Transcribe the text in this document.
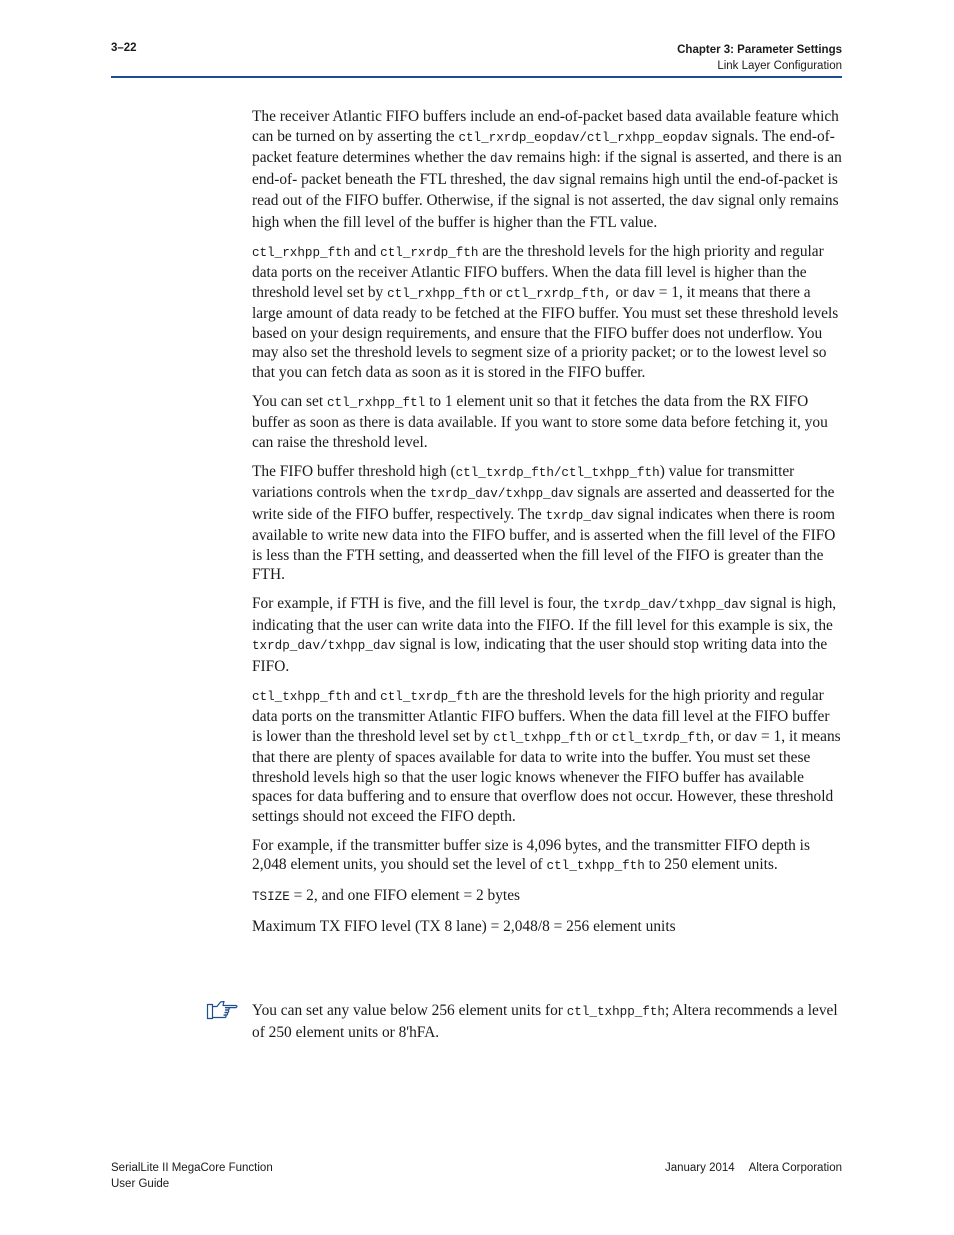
3–22	Chapter 3: Parameter Settings
Link Layer Configuration

The receiver Atlantic FIFO buffers include an end-of-packet based data available feature which can be turned on by asserting the ctl_rxrdp_eopdav/ctl_rxhpp_eopdav signals. The end-of-packet feature determines whether the dav remains high: if the signal is asserted, and there is an end-of- packet beneath the FTL threshed, the dav signal remains high until the end-of-packet is read out of the FIFO buffer. Otherwise, if the signal is not asserted, the dav signal only remains high when the fill level of the buffer is higher than the FTL value.

ctl_rxhpp_fth and ctl_rxrdp_fth are the threshold levels for the high priority and regular data ports on the receiver Atlantic FIFO buffers. When the data fill level is higher than the threshold level set by ctl_rxhpp_fth or ctl_rxrdp_fth, or dav = 1, it means that there a large amount of data ready to be fetched at the FIFO buffer. You must set these threshold levels based on your design requirements, and ensure that the FIFO buffer does not underflow. You may also set the threshold levels to segment size of a priority packet; or to the lowest level so that you can fetch data as soon as it is stored in the FIFO buffer.

You can set ctl_rxhpp_ftl to 1 element unit so that it fetches the data from the RX FIFO buffer as soon as there is data available. If you want to store some data before fetching it, you can raise the threshold level.

The FIFO buffer threshold high (ctl_txrdp_fth/ctl_txhpp_fth) value for transmitter variations controls when the txrdp_dav/txhpp_dav signals are asserted and deasserted for the write side of the FIFO buffer, respectively. The txrdp_dav signal indicates when there is room available to write new data into the FIFO buffer, and is asserted when the fill level of the FIFO is less than the FTH setting, and deasserted when the fill level of the FIFO is greater than the FTH.

For example, if FTH is five, and the fill level is four, the txrdp_dav/txhpp_dav signal is high, indicating that the user can write data into the FIFO. If the fill level for this example is six, the txrdp_dav/txhpp_dav signal is low, indicating that the user should stop writing data into the FIFO.

ctl_txhpp_fth and ctl_txrdp_fth are the threshold levels for the high priority and regular data ports on the transmitter Atlantic FIFO buffers. When the data fill level at the FIFO buffer is lower than the threshold level set by ctl_txhpp_fth or ctl_txrdp_fth, or dav = 1, it means that there are plenty of spaces available for data to write into the buffer. You must set these threshold levels high so that the user logic knows whenever the FIFO buffer has available spaces for data buffering and to ensure that overflow does not occur. However, these threshold settings should not exceed the FIFO depth.

For example, if the transmitter buffer size is 4,096 bytes, and the transmitter FIFO depth is 2,048 element units, you should set the level of ctl_txhpp_fth to 250 element units.

TSIZE = 2, and one FIFO element = 2 bytes

Maximum TX FIFO level (TX 8 lane) = 2,048/8 = 256 element units

You can set any value below 256 element units for ctl_txhpp_fth; Altera recommends a level of 250 element units or 8'hFA.
SerialLite II MegaCore Function
User Guide
January 2014 Altera Corporation
